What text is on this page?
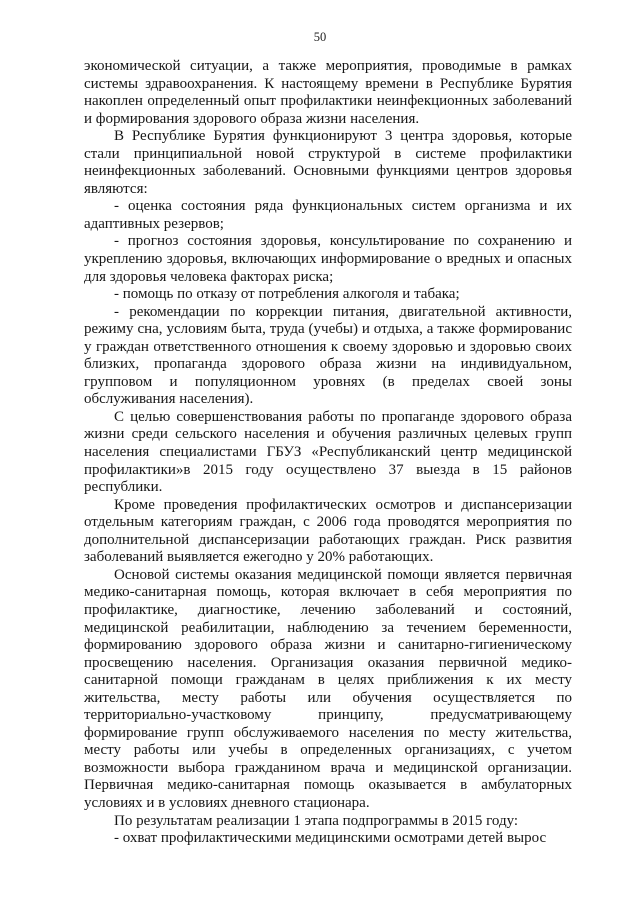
50

экономической ситуации, а также мероприятия, проводимые в рамках системы здравоохранения. К настоящему времени в Республике Бурятия накоплен определенный опыт профилактики неинфекционных заболеваний и формирования здорового образа жизни населения.

В Республике Бурятия функционируют 3 центра здоровья, которые стали принципиальной новой структурой в системе профилактики неинфекционных заболеваний. Основными функциями центров здоровья являются:

- оценка состояния ряда функциональных систем организма и их адаптивных резервов;

- прогноз состояния здоровья, консультирование по сохранению и укреплению здоровья, включающих информирование о вредных и опасных для здоровья человека факторах риска;

- помощь по отказу от потребления алкоголя и табака;

- рекомендации по коррекции питания, двигательной активности, режиму сна, условиям быта, труда (учебы) и отдыха, а также формированис у граждан ответственного отношения к своему здоровью и здоровью своих близких, пропаганда здорового образа жизни на индивидуальном, групповом и популяционном уровнях (в пределах своей зоны обслуживания населения).

С целью совершенствования работы по пропаганде здорового образа жизни среди сельского населения и обучения различных целевых групп населения специалистами ГБУЗ «Республиканский центр медицинской профилактики»в 2015 году осуществлено 37 выезда в 15 районов республики.

Кроме проведения профилактических осмотров и диспансеризации отдельным категориям граждан, с 2006 года проводятся мероприятия по дополнительной диспансеризации работающих граждан. Риск развития заболеваний выявляется ежегодно у 20% работающих.

Основой системы оказания медицинской помощи является первичная медико-санитарная помощь, которая включает в себя мероприятия по профилактике, диагностике, лечению заболеваний и состояний, медицинской реабилитации, наблюдению за течением беременности, формированию здорового образа жизни и санитарно-гигиеническому просвещению населения. Организация оказания первичной медико-санитарной помощи гражданам в целях приближения к их месту жительства, месту работы или обучения осуществляется по территориально-участковому принципу, предусматривающему формирование групп обслуживаемого населения по месту жительства, месту работы или учебы в определенных организациях, с учетом возможности выбора гражданином врача и медицинской организации. Первичная медико-санитарная помощь оказывается в амбулаторных условиях и в условиях дневного стационара.

По результатам реализации 1 этапа подпрограммы в 2015 году:

- охват профилактическими медицинскими осмотрами детей вырос
